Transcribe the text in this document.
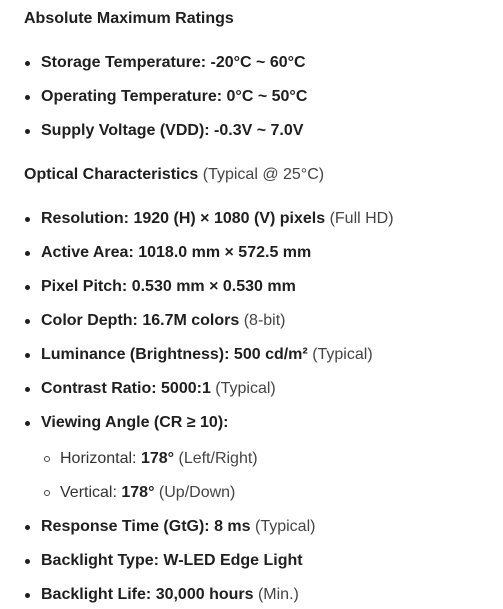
Absolute Maximum Ratings
Storage Temperature: -20°C ~ 60°C
Operating Temperature: 0°C ~ 50°C
Supply Voltage (VDD): -0.3V ~ 7.0V
Optical Characteristics (Typical @ 25°C)
Resolution: 1920 (H) × 1080 (V) pixels (Full HD)
Active Area: 1018.0 mm × 572.5 mm
Pixel Pitch: 0.530 mm × 0.530 mm
Color Depth: 16.7M colors (8-bit)
Luminance (Brightness): 500 cd/m² (Typical)
Contrast Ratio: 5000:1 (Typical)
Viewing Angle (CR ≥ 10):
Horizontal: 178° (Left/Right)
Vertical: 178° (Up/Down)
Response Time (GtG): 8 ms (Typical)
Backlight Type: W-LED Edge Light
Backlight Life: 30,000 hours (Min.)
